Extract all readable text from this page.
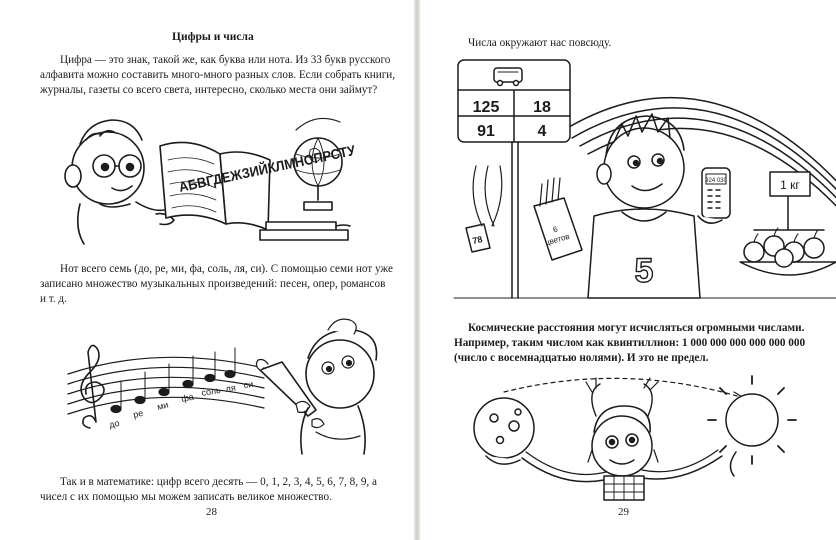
Цифры и числа
Цифра — это знак, такой же, как буква или нота. Из 33 букв русского
алфавита можно составить много-много разных слов. Если собрать книги,
журналы, газеты со всего света, интересно, сколько места они займут?
АБВГДЕЖЗИЙКЛМНОПРСТУ
Нот всего семь (до, ре, ми, фа, соль, ля, си). С помощью семи нот уже
записано множество музыкальных произведений: песен, опер, романсов
и т. д.
до
ре
ми
фа соль ля си
Так и в математике: цифр всего десять — 0, 1, 2, 3, 4, 5, 6, 7, 8, 9, а
чисел с их помощью мы можем записать великое множество.
28
Числа окружают нас повсюду.
125 18
91	4
6
цветов
78
924 030
5
1 кг
Космические расстояния могут исчисляться огромными числами.
Например, таким числом как квинтиллион: 1 000 000 000 000 000 000
(число с восемнадцатью нолями). И это не предел.
29
